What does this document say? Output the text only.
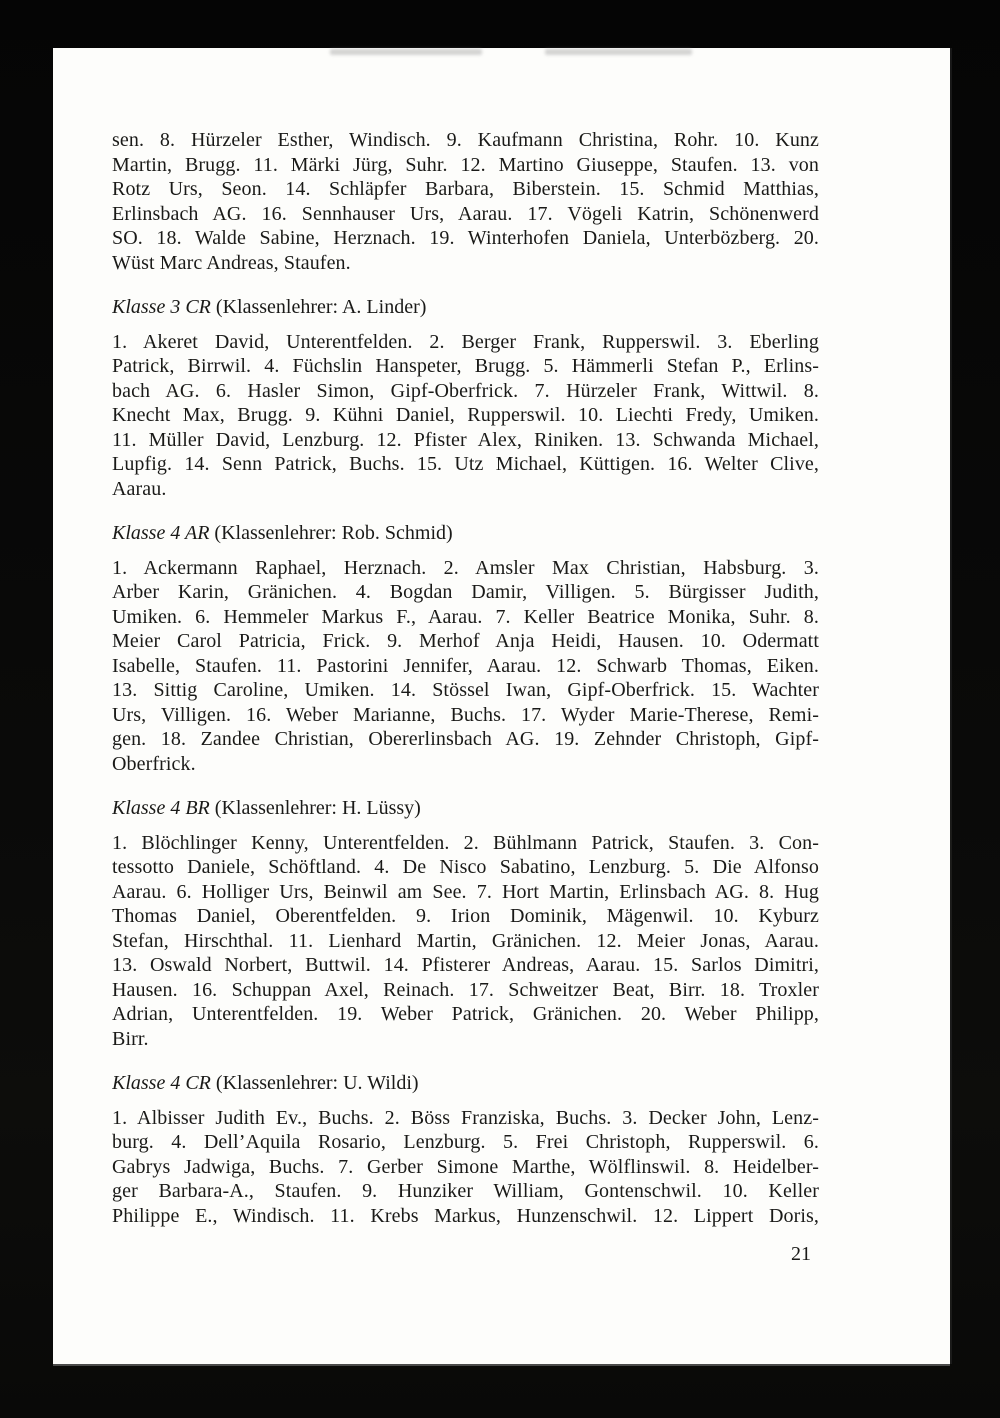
sen. 8. Hürzeler Esther, Windisch. 9. Kaufmann Christina, Rohr. 10. Kunz
Martin, Brugg. 11. Märki Jürg, Suhr. 12. Martino Giuseppe, Staufen. 13. von
Rotz Urs, Seon. 14. Schläpfer Barbara, Biberstein. 15. Schmid Matthias,
Erlinsbach AG. 16. Sennhauser Urs, Aarau. 17. Vögeli Katrin, Schönenwerd
SO. 18. Walde Sabine, Herznach. 19. Winterhofen Daniela, Unterbözberg. 20.
Wüst Marc Andreas, Staufen.
Klasse 3 CR (Klassenlehrer: A. Linder)
1. Akeret David, Unterentfelden. 2. Berger Frank, Rupperswil. 3. Eberling
Patrick, Birrwil. 4. Füchslin Hanspeter, Brugg. 5. Hämmerli Stefan P., Erlins-
bach AG. 6. Hasler Simon, Gipf-Oberfrick. 7. Hürzeler Frank, Wittwil. 8.
Knecht Max, Brugg. 9. Kühni Daniel, Rupperswil. 10. Liechti Fredy, Umiken.
11. Müller David, Lenzburg. 12. Pfister Alex, Riniken. 13. Schwanda Michael,
Lupfig. 14. Senn Patrick, Buchs. 15. Utz Michael, Küttigen. 16. Welter Clive,
Aarau.
Klasse 4 AR (Klassenlehrer: Rob. Schmid)
1. Ackermann Raphael, Herznach. 2. Amsler Max Christian, Habsburg. 3.
Arber Karin, Gränichen. 4. Bogdan Damir, Villigen. 5. Bürgisser Judith,
Umiken. 6. Hemmeler Markus F., Aarau. 7. Keller Beatrice Monika, Suhr. 8.
Meier Carol Patricia, Frick. 9. Merhof Anja Heidi, Hausen. 10. Odermatt
Isabelle, Staufen. 11. Pastorini Jennifer, Aarau. 12. Schwarb Thomas, Eiken.
13. Sittig Caroline, Umiken. 14. Stössel Iwan, Gipf-Oberfrick. 15. Wachter
Urs, Villigen. 16. Weber Marianne, Buchs. 17. Wyder Marie-Therese, Remi-
gen. 18. Zandee Christian, Obererlinsbach AG. 19. Zehnder Christoph, Gipf-
Oberfrick.
Klasse 4 BR (Klassenlehrer: H. Lüssy)
1. Blöchlinger Kenny, Unterentfelden. 2. Bühlmann Patrick, Staufen. 3. Con-
tessotto Daniele, Schöftland. 4. De Nisco Sabatino, Lenzburg. 5. Die Alfonso
Aarau. 6. Holliger Urs, Beinwil am See. 7. Hort Martin, Erlinsbach AG. 8. Hug
Thomas Daniel, Oberentfelden. 9. Irion Dominik, Mägenwil. 10. Kyburz
Stefan, Hirschthal. 11. Lienhard Martin, Gränichen. 12. Meier Jonas, Aarau.
13. Oswald Norbert, Buttwil. 14. Pfisterer Andreas, Aarau. 15. Sarlos Dimitri,
Hausen. 16. Schuppan Axel, Reinach. 17. Schweitzer Beat, Birr. 18. Troxler
Adrian, Unterentfelden. 19. Weber Patrick, Gränichen. 20. Weber Philipp,
Birr.
Klasse 4 CR (Klassenlehrer: U. Wildi)
1. Albisser Judith Ev., Buchs. 2. Böss Franziska, Buchs. 3. Decker John, Lenz-
burg. 4. Dell’Aquila Rosario, Lenzburg. 5. Frei Christoph, Rupperswil. 6.
Gabrys Jadwiga, Buchs. 7. Gerber Simone Marthe, Wölflinswil. 8. Heidelber-
ger Barbara-A., Staufen. 9. Hunziker William, Gontenschwil. 10. Keller
Philippe E., Windisch. 11. Krebs Markus, Hunzenschwil. 12. Lippert Doris,
21
